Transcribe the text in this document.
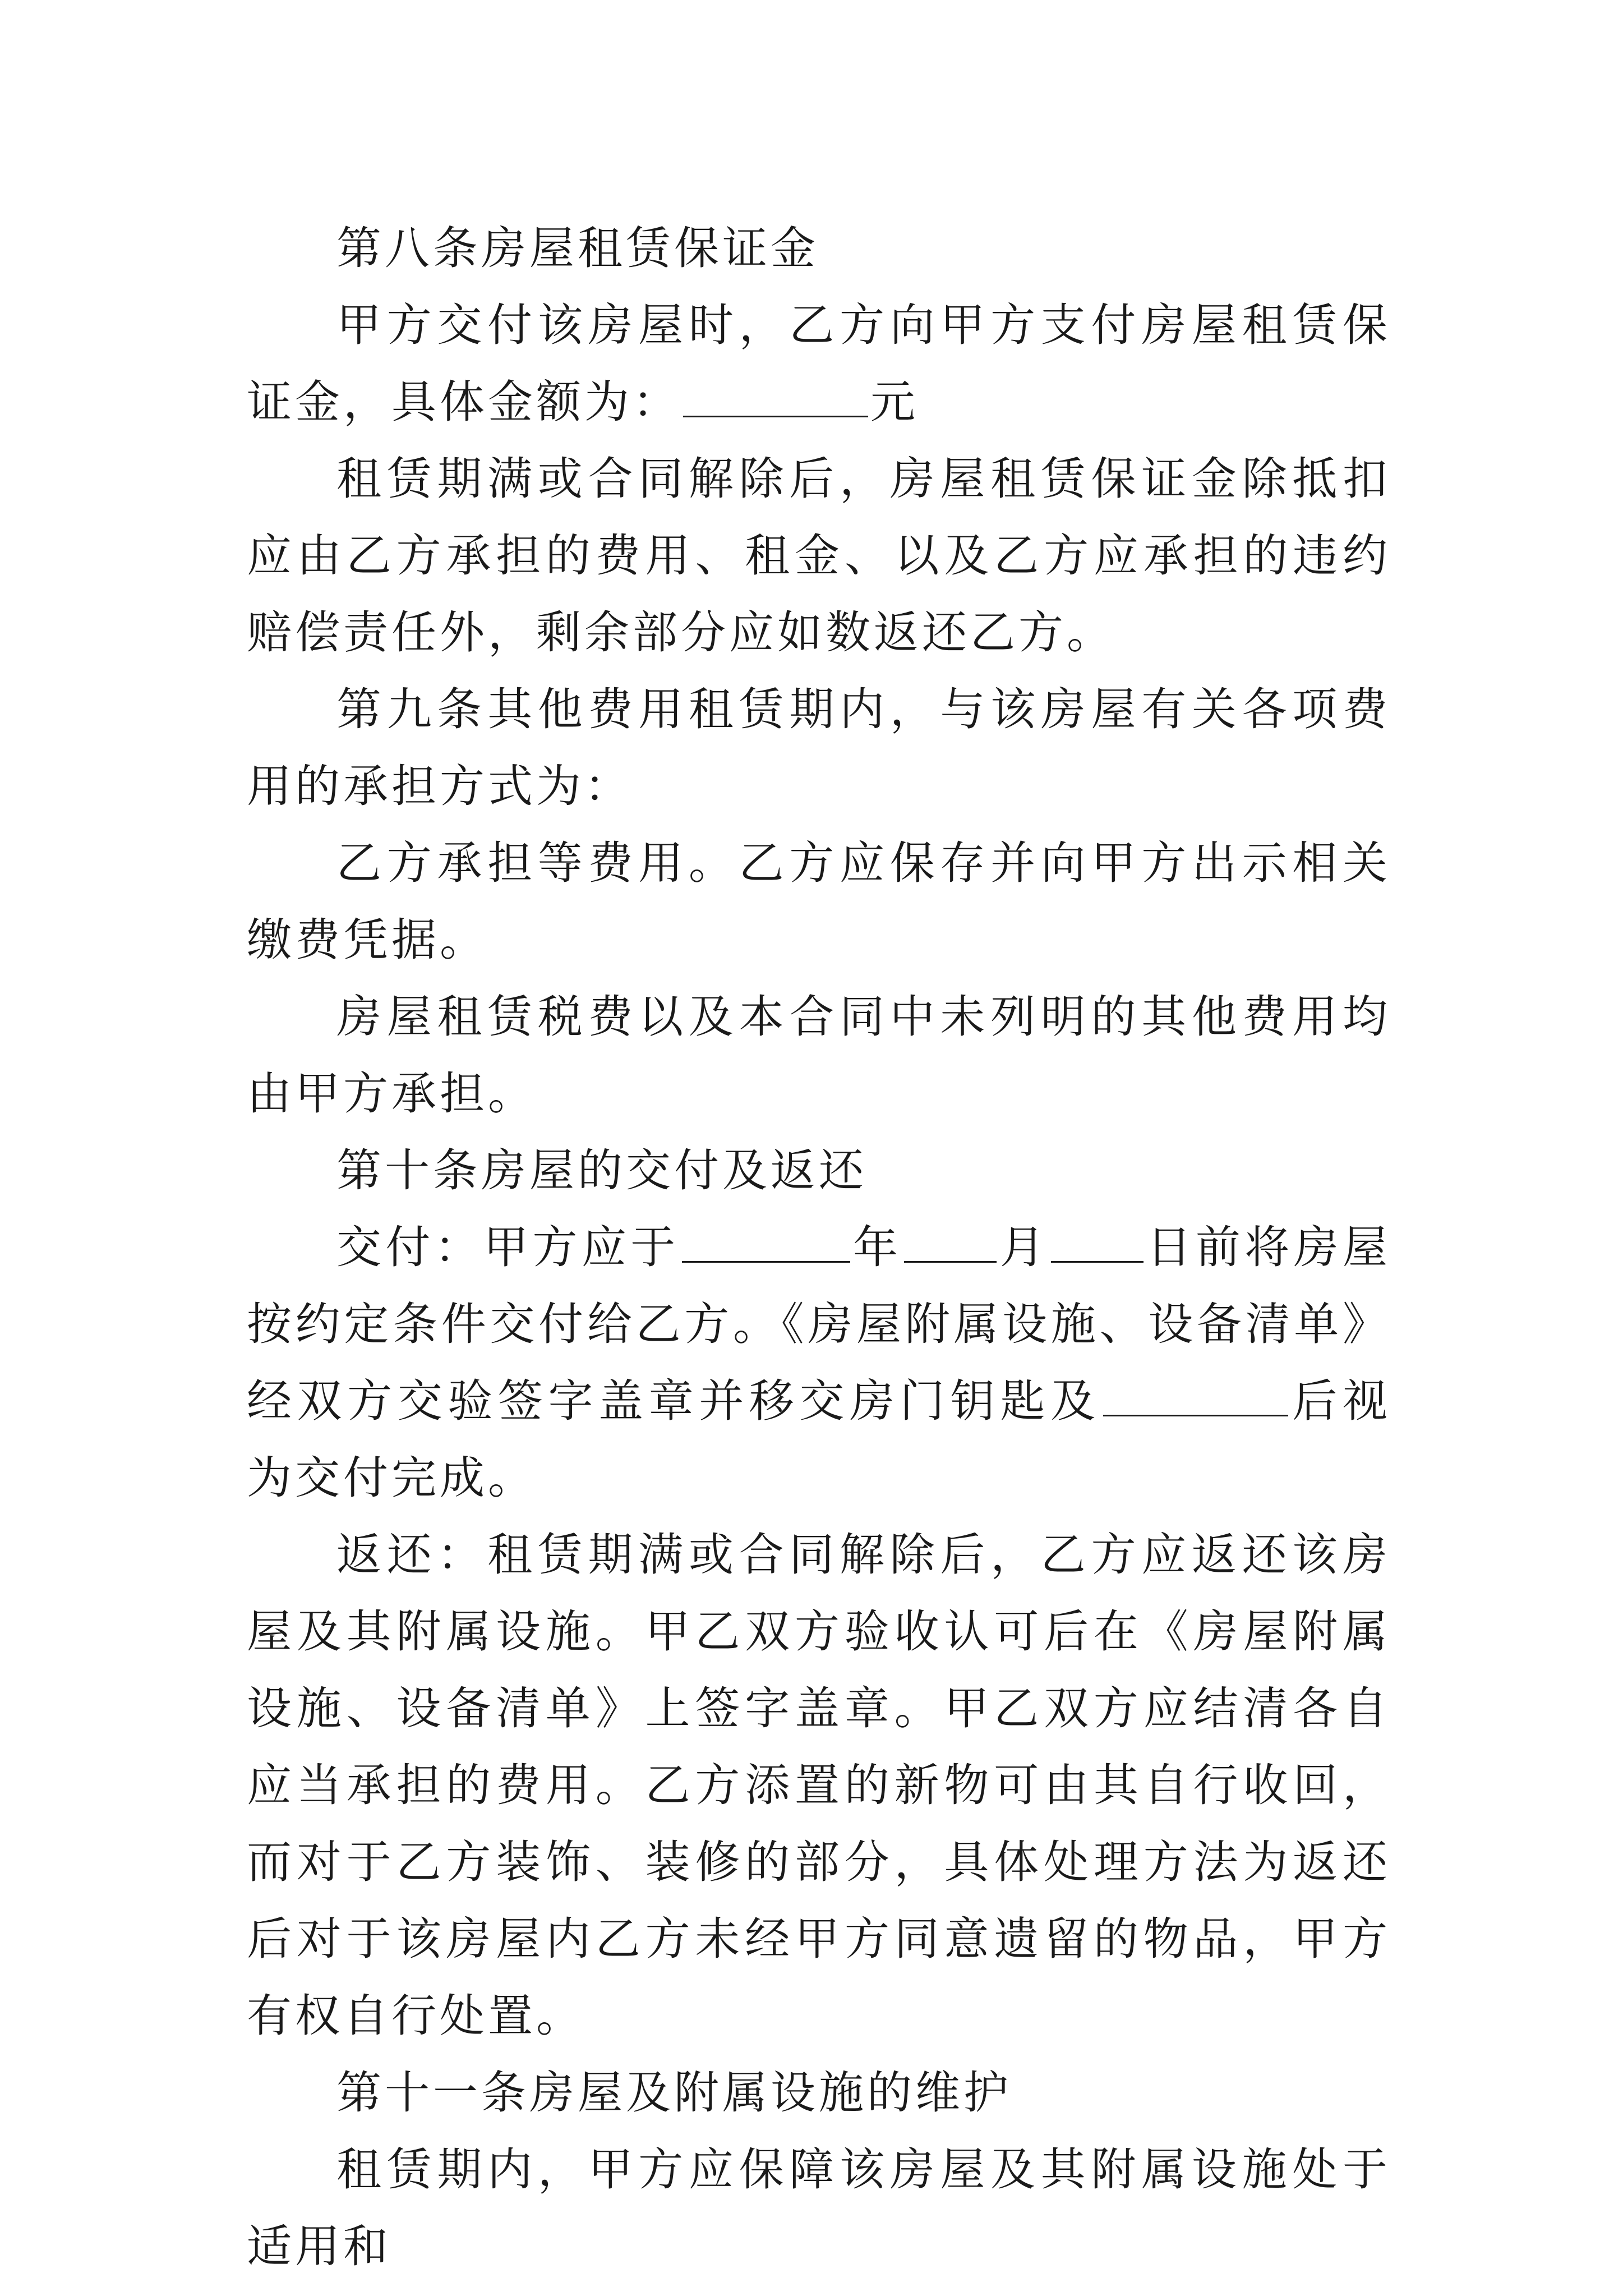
第八条房屋租赁保证金

甲方交付该房屋时，乙方向甲方支付房屋租赁保证金，具体金额为：	元

租赁期满或合同解除后，房屋租赁保证金除抵扣应由乙方承担的费用、租金、以及乙方应承担的违约赔偿责任外，剩余部分应如数返还乙方。

第九条其他费用租赁期内，与该房屋有关各项费用的承担方式为：

乙方承担等费用。乙方应保存并向甲方出示相关缴费凭据。

房屋租赁税费以及本合同中未列明的其他费用均由甲方承担。

第十条房屋的交付及返还

交付：甲方应于	年 月 日前将房屋按约定条件交付给乙方。《房屋附属设施、设备清单》经双方交验签字盖章并移交房门钥匙及	后视为交付完成。

返还：租赁期满或合同解除后，乙方应返还该房屋及其附属设施。甲乙双方验收认可后在《房屋附属设施、设备清单》上签字盖章。甲乙双方应结清各自应当承担的费用。乙方添置的新物可由其自行收回，而对于乙方装饰、装修的部分，具体处理方法为返还后对于该房屋内乙方未经甲方同意遗留的物品，甲方有权自行处置。

第十一条房屋及附属设施的维护

租赁期内，甲方应保障该房屋及其附属设施处于适用和
